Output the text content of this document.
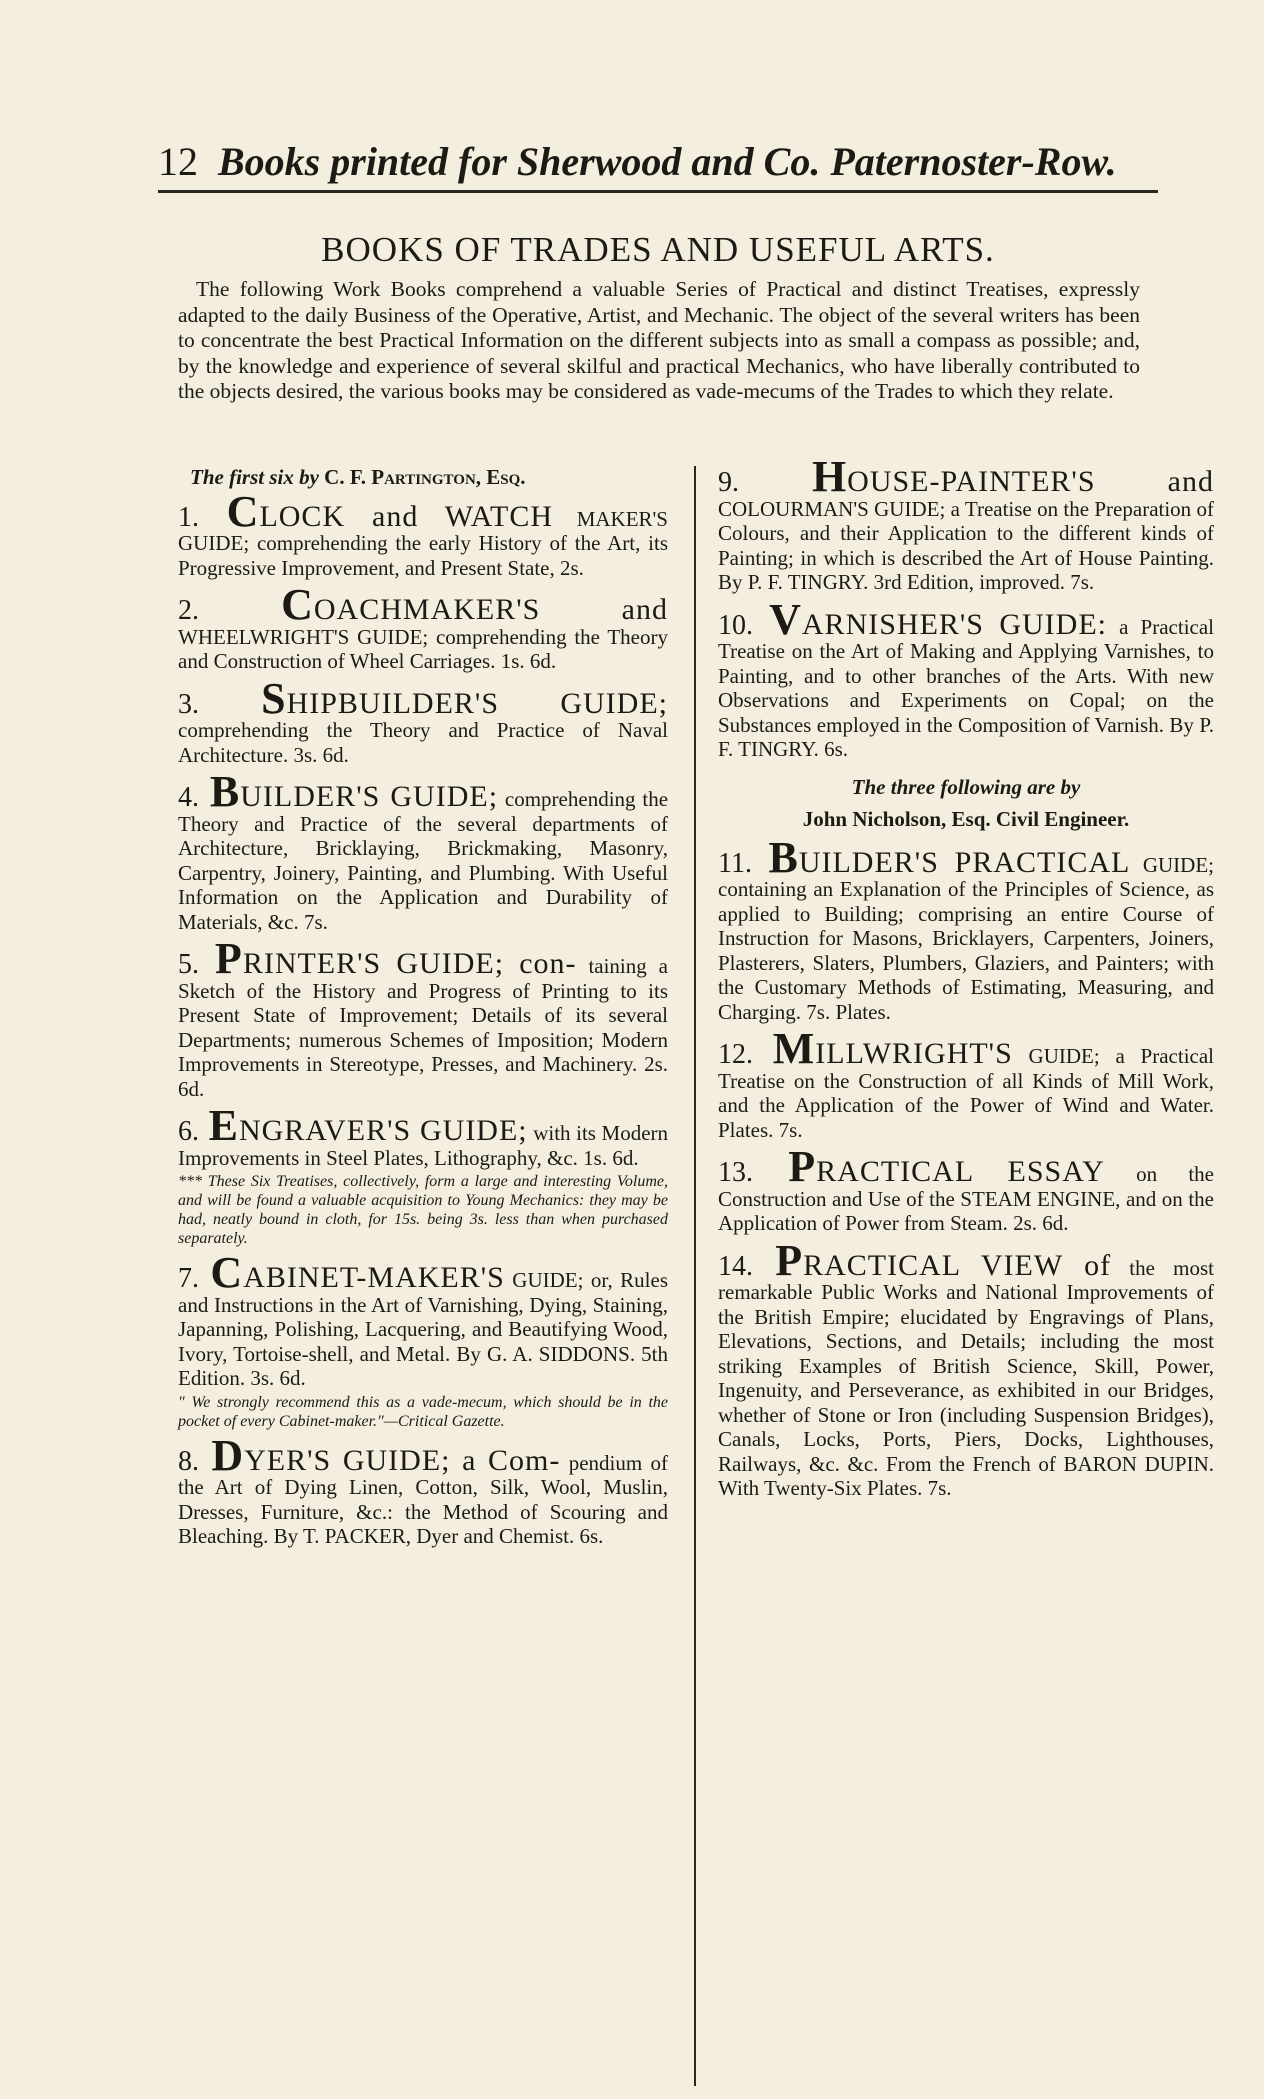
12 Books printed for Sherwood and Co. Paternoster-Row.
BOOKS OF TRADES AND USEFUL ARTS.
The following Work Books comprehend a valuable Series of Practical and distinct Treatises, expressly adapted to the daily Business of the Operative, Artist, and Mechanic. The object of the several writers has been to concentrate the best Practical Information on the different subjects into as small a compass as possible; and, by the knowledge and experience of several skilful and practical Mechanics, who have liberally contributed to the objects desired, the various books may be considered as vade-mecums of the Trades to which they relate.
The first six by C. F. Partington, Esq.
1. CLOCK and WATCH MAKER'S GUIDE; comprehending the early History of the Art, its Progressive Improvement, and Present State, 2s.
2. COACHMAKER'S and WHEELWRIGHT'S GUIDE; comprehending the Theory and Construction of Wheel Carriages. 1s. 6d.
3. SHIPBUILDER'S GUIDE; comprehending the Theory and Practice of Naval Architecture. 3s. 6d.
4. BUILDER'S GUIDE; comprehending the Theory and Practice of the several departments of Architecture, Bricklaying, Brickmaking, Masonry, Carpentry, Joinery, Painting, and Plumbing. With Useful Information on the Application and Durability of Materials, &c. 7s.
5. PRINTER'S GUIDE; con- taining a Sketch of the History and Progress of Printing to its Present State of Improvement; Details of its several Departments; numerous Schemes of Imposition; Modern Improvements in Stereotype, Presses, and Machinery. 2s. 6d.
6. ENGRAVER'S GUIDE; with its Modern Improvements in Steel Plates, Lithography, &c. 1s. 6d.
*** These Six Treatises, collectively, form a large and interesting Volume, and will be found a valuable acquisition to Young Mechanics: they may be had, neatly bound in cloth, for 15s. being 3s. less than when purchased separately.
7. CABINET-MAKER'S GUIDE; or, Rules and Instructions in the Art of Varnishing, Dying, Staining, Japanning, Polishing, Lacquering, and Beautifying Wood, Ivory, Tortoise-shell, and Metal. By G. A. SIDDONS. 5th Edition. 3s. 6d.
" We strongly recommend this as a vade-mecum, which should be in the pocket of every Cabinet-maker."—Critical Gazette.
8. DYER'S GUIDE; a Com- pendium of the Art of Dying Linen, Cotton, Silk, Wool, Muslin, Dresses, Furniture, &c.: the Method of Scouring and Bleaching. By T. PACKER, Dyer and Chemist. 6s.
9. HOUSE-PAINTER'S and COLOURMAN'S GUIDE; a Treatise on the Preparation of Colours, and their Application to the different kinds of Painting; in which is described the Art of House Painting. By P. F. TINGRY. 3rd Edition, improved. 7s.
10. VARNISHER'S GUIDE: a Practical Treatise on the Art of Making and Applying Varnishes, to Painting, and to other branches of the Arts. With new Observations and Experiments on Copal; on the Substances employed in the Composition of Varnish. By P. F. TINGRY. 6s.
The three following are by
John Nicholson, Esq. Civil Engineer.
11. BUILDER'S PRACTICAL GUIDE; containing an Explanation of the Principles of Science, as applied to Building; comprising an entire Course of Instruction for Masons, Bricklayers, Carpenters, Joiners, Plasterers, Slaters, Plumbers, Glaziers, and Painters; with the Customary Methods of Estimating, Measuring, and Charging. 7s. Plates.
12. MILLWRIGHT'S GUIDE; a Practical Treatise on the Construction of all Kinds of Mill Work, and the Application of the Power of Wind and Water. Plates. 7s.
13. PRACTICAL ESSAY on the Construction and Use of the STEAM ENGINE, and on the Application of Power from Steam. 2s. 6d.
14. PRACTICAL VIEW of the most remarkable Public Works and National Improvements of the British Empire; elucidated by Engravings of Plans, Elevations, Sections, and Details; including the most striking Examples of British Science, Skill, Power, Ingenuity, and Perseverance, as exhibited in our Bridges, whether of Stone or Iron (including Suspension Bridges), Canals, Locks, Ports, Piers, Docks, Lighthouses, Railways, &c. &c. From the French of BARON DUPIN. With Twenty-Six Plates. 7s.
